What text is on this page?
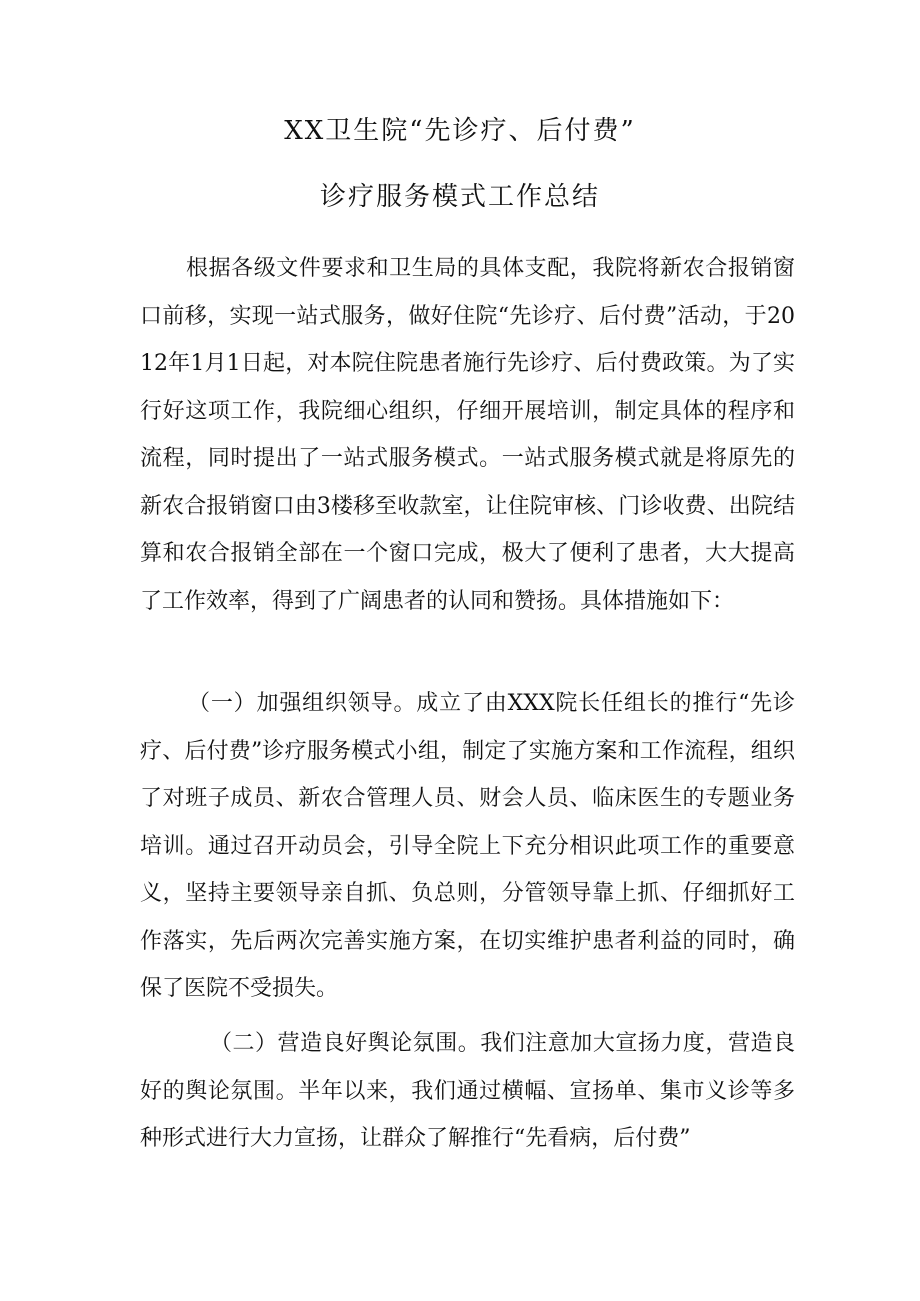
XX卫生院“先诊疗、后付费”
诊疗服务模式工作总结

根据各级文件要求和卫生局的具体支配，我院将新农合报销窗口前移，实现一站式服务，做好住院“先诊疗、后付费”活动，于2012年1月1日起，对本院住院患者施行先诊疗、后付费政策。为了实行好这项工作，我院细心组织，仔细开展培训，制定具体的程序和流程，同时提出了一站式服务模式。一站式服务模式就是将原先的新农合报销窗口由3楼移至收款室，让住院审核、门诊收费、出院结算和农合报销全部在一个窗口完成，极大了便利了患者，大大提高了工作效率，得到了广阔患者的认同和赞扬。具体措施如下：

（一）加强组织领导。成立了由XXX院长任组长的推行“先诊疗、后付费”诊疗服务模式小组，制定了实施方案和工作流程，组织了对班子成员、新农合管理人员、财会人员、临床医生的专题业务培训。通过召开动员会，引导全院上下充分相识此项工作的重要意义，坚持主要领导亲自抓、负总则，分管领导靠上抓、仔细抓好工作落实，先后两次完善实施方案，在切实维护患者利益的同时，确保了医院不受损失。

（二）营造良好舆论氛围。我们注意加大宣扬力度，营造良好的舆论氛围。半年以来，我们通过横幅、宣扬单、集市义诊等多种形式进行大力宣扬，让群众了解推行“先看病，后付费”
